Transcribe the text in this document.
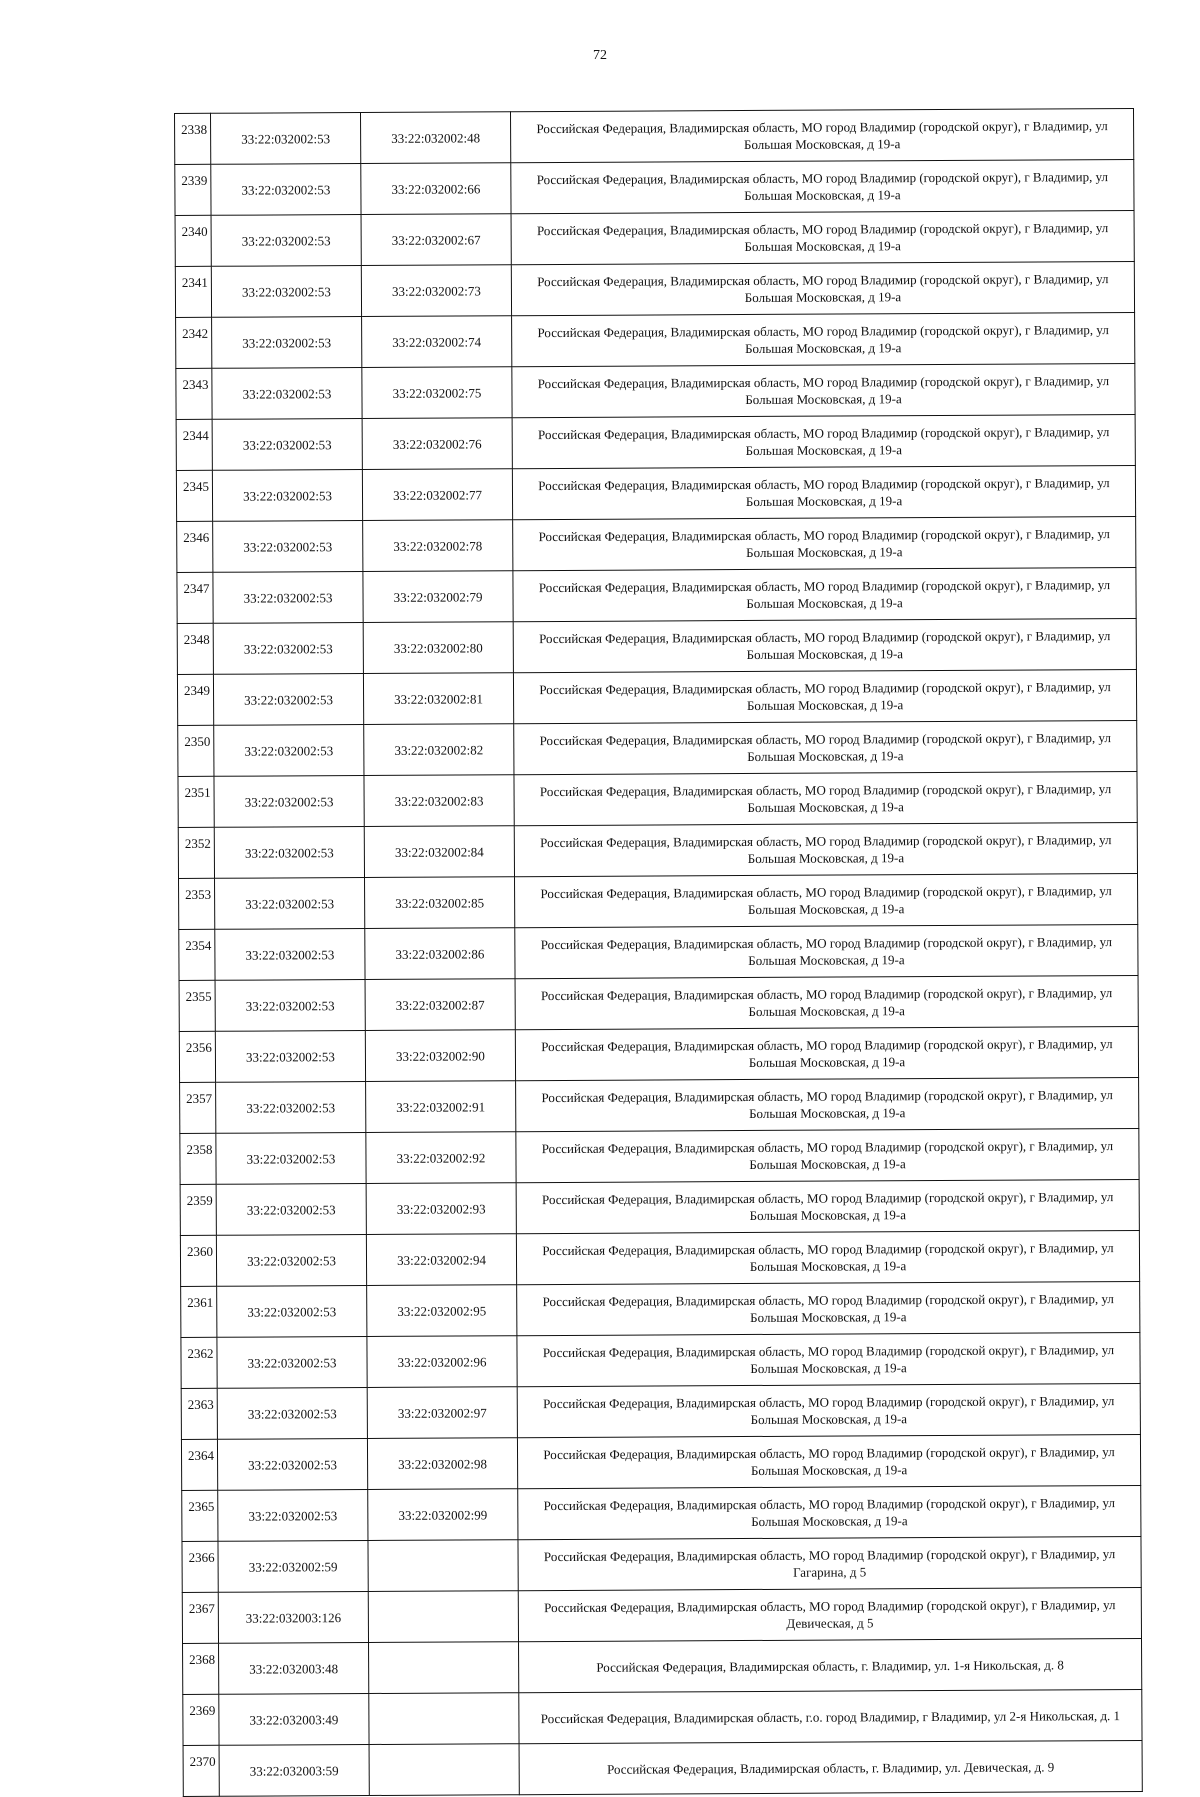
72
2338	33:22:032002:53	33:22:032002:48	Российская Федерация, Владимирская область, МО город Владимир (городской округ), г Владимир, ул Большая Московская, д 19-а
2339	33:22:032002:53	33:22:032002:66	Российская Федерация, Владимирская область, МО город Владимир (городской округ), г Владимир, ул Большая Московская, д 19-а
2340	33:22:032002:53	33:22:032002:67	Российская Федерация, Владимирская область, МО город Владимир (городской округ), г Владимир, ул Большая Московская, д 19-а
2341	33:22:032002:53	33:22:032002:73	Российская Федерация, Владимирская область, МО город Владимир (городской округ), г Владимир, ул Большая Московская, д 19-а
2342	33:22:032002:53	33:22:032002:74	Российская Федерация, Владимирская область, МО город Владимир (городской округ), г Владимир, ул Большая Московская, д 19-а
2343	33:22:032002:53	33:22:032002:75	Российская Федерация, Владимирская область, МО город Владимир (городской округ), г Владимир, ул Большая Московская, д 19-а
2344	33:22:032002:53	33:22:032002:76	Российская Федерация, Владимирская область, МО город Владимир (городской округ), г Владимир, ул Большая Московская, д 19-а
2345	33:22:032002:53	33:22:032002:77	Российская Федерация, Владимирская область, МО город Владимир (городской округ), г Владимир, ул Большая Московская, д 19-а
2346	33:22:032002:53	33:22:032002:78	Российская Федерация, Владимирская область, МО город Владимир (городской округ), г Владимир, ул Большая Московская, д 19-а
2347	33:22:032002:53	33:22:032002:79	Российская Федерация, Владимирская область, МО город Владимир (городской округ), г Владимир, ул Большая Московская, д 19-а
2348	33:22:032002:53	33:22:032002:80	Российская Федерация, Владимирская область, МО город Владимир (городской округ), г Владимир, ул Большая Московская, д 19-а
2349	33:22:032002:53	33:22:032002:81	Российская Федерация, Владимирская область, МО город Владимир (городской округ), г Владимир, ул Большая Московская, д 19-а
2350	33:22:032002:53	33:22:032002:82	Российская Федерация, Владимирская область, МО город Владимир (городской округ), г Владимир, ул Большая Московская, д 19-а
2351	33:22:032002:53	33:22:032002:83	Российская Федерация, Владимирская область, МО город Владимир (городской округ), г Владимир, ул Большая Московская, д 19-а
2352	33:22:032002:53	33:22:032002:84	Российская Федерация, Владимирская область, МО город Владимир (городской округ), г Владимир, ул Большая Московская, д 19-а
2353	33:22:032002:53	33:22:032002:85	Российская Федерация, Владимирская область, МО город Владимир (городской округ), г Владимир, ул Большая Московская, д 19-а
2354	33:22:032002:53	33:22:032002:86	Российская Федерация, Владимирская область, МО город Владимир (городской округ), г Владимир, ул Большая Московская, д 19-а
2355	33:22:032002:53	33:22:032002:87	Российская Федерация, Владимирская область, МО город Владимир (городской округ), г Владимир, ул Большая Московская, д 19-а
2356	33:22:032002:53	33:22:032002:90	Российская Федерация, Владимирская область, МО город Владимир (городской округ), г Владимир, ул Большая Московская, д 19-а
2357	33:22:032002:53	33:22:032002:91	Российская Федерация, Владимирская область, МО город Владимир (городской округ), г Владимир, ул Большая Московская, д 19-а
2358	33:22:032002:53	33:22:032002:92	Российская Федерация, Владимирская область, МО город Владимир (городской округ), г Владимир, ул Большая Московская, д 19-а
2359	33:22:032002:53	33:22:032002:93	Российская Федерация, Владимирская область, МО город Владимир (городской округ), г Владимир, ул Большая Московская, д 19-а
2360	33:22:032002:53	33:22:032002:94	Российская Федерация, Владимирская область, МО город Владимир (городской округ), г Владимир, ул Большая Московская, д 19-а
2361	33:22:032002:53	33:22:032002:95	Российская Федерация, Владимирская область, МО город Владимир (городской округ), г Владимир, ул Большая Московская, д 19-а
2362	33:22:032002:53	33:22:032002:96	Российская Федерация, Владимирская область, МО город Владимир (городской округ), г Владимир, ул Большая Московская, д 19-а
2363	33:22:032002:53	33:22:032002:97	Российская Федерация, Владимирская область, МО город Владимир (городской округ), г Владимир, ул Большая Московская, д 19-а
2364	33:22:032002:53	33:22:032002:98	Российская Федерация, Владимирская область, МО город Владимир (городской округ), г Владимир, ул Большая Московская, д 19-а
2365	33:22:032002:53	33:22:032002:99	Российская Федерация, Владимирская область, МО город Владимир (городской округ), г Владимир, ул Большая Московская, д 19-а
2366	33:22:032002:59		Российская Федерация, Владимирская область, МО город Владимир (городской округ), г Владимир, ул Гагарина, д 5
2367	33:22:032003:126		Российская Федерация, Владимирская область, МО город Владимир (городской округ), г Владимир, ул Девическая, д 5
2368	33:22:032003:48		Российская Федерация, Владимирская область, г. Владимир, ул. 1-я Никольская, д. 8
2369	33:22:032003:49		Российская Федерация, Владимирская область, г.о. город Владимир, г Владимир, ул 2-я Никольская, д. 1
2370	33:22:032003:59		Российская Федерация, Владимирская область, г. Владимир, ул. Девическая, д. 9
